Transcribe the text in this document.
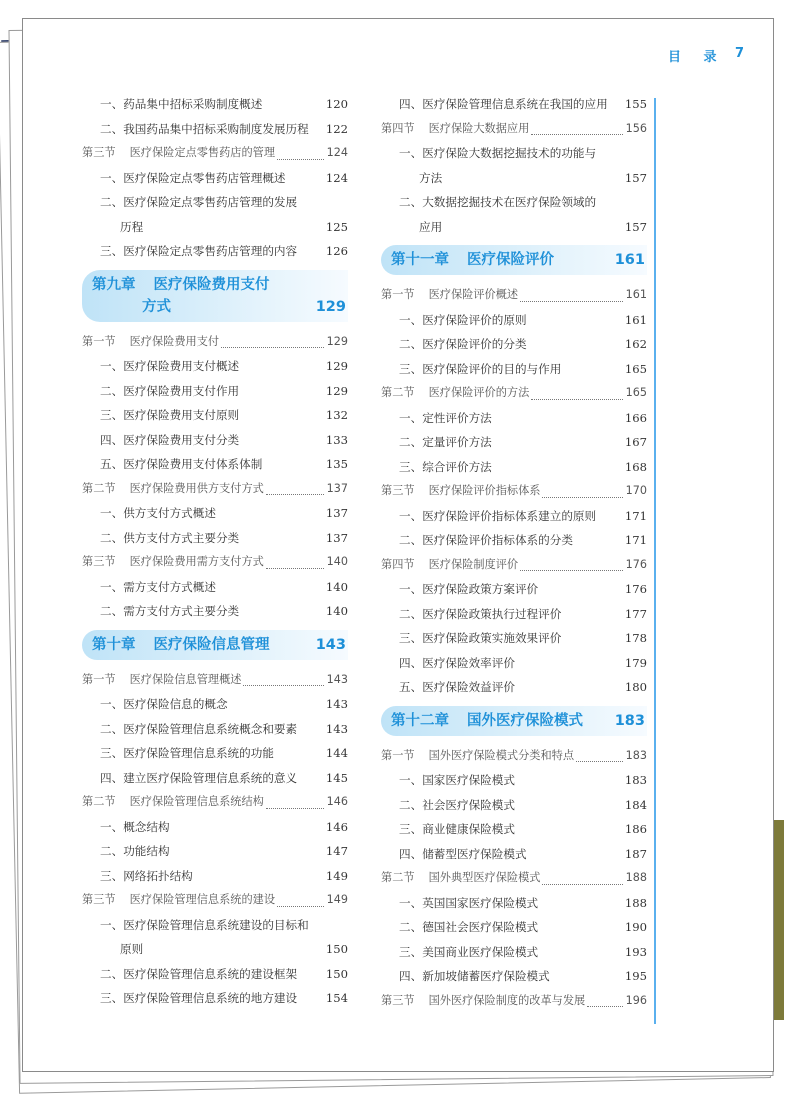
目 录 7
一、药品集中招标采购制度概述	120
二、我国药品集中招标采购制度发展历程 122
第三节 医疗保险定点零售药店的管理	124
一、医疗保险定点零售药店管理概述	124
二、医疗保险定点零售药店管理的发展
历程	125
三、医疗保险定点零售药店管理的内容 126
第九章 医疗保险费用支付
方式	129
第一节 医疗保险费用支付	129
一、医疗保险费用支付概述	129
二、医疗保险费用支付作用	129
三、医疗保险费用支付原则	132
四、医疗保险费用支付分类	133
五、医疗保险费用支付体系体制	135
第二节 医疗保险费用供方支付方式	137
一、供方支付方式概述	137
二、供方支付方式主要分类	137
第三节 医疗保险费用需方支付方式	140
一、需方支付方式概述	140
二、需方支付方式主要分类	140
第十章 医疗保险信息管理	143
第一节 医疗保险信息管理概述	143
一、医疗保险信息的概念	143
二、医疗保险管理信息系统概念和要素 143
三、医疗保险管理信息系统的功能	144
四、建立医疗保险管理信息系统的意义 145
第二节 医疗保险管理信息系统结构	146
一、概念结构	146
二、功能结构	147
三、网络拓扑结构	149
第三节 医疗保险管理信息系统的建设	149
一、医疗保险管理信息系统建设的目标和
原则	150
二、医疗保险管理信息系统的建设框架 150
三、医疗保险管理信息系统的地方建设 154
四、医疗保险管理信息系统在我国的应用 155
第四节 医疗保险大数据应用	156
一、医疗保险大数据挖掘技术的功能与
方法	157
二、大数据挖掘技术在医疗保险领域的
应用	157
第十一章 医疗保险评价	161
第一节 医疗保险评价概述	161
一、医疗保险评价的原则	161
二、医疗保险评价的分类	162
三、医疗保险评价的目的与作用	165
第二节 医疗保险评价的方法	165
一、定性评价方法	166
二、定量评价方法	167
三、综合评价方法	168
第三节 医疗保险评价指标体系	170
一、医疗保险评价指标体系建立的原则 171
二、医疗保险评价指标体系的分类	171
第四节 医疗保险制度评价	176
一、医疗保险政策方案评价	176
二、医疗保险政策执行过程评价	177
三、医疗保险政策实施效果评价	178
四、医疗保险效率评价	179
五、医疗保险效益评价	180
第十二章 国外医疗保险模式 183
第一节 国外医疗保险模式分类和特点	183
一、国家医疗保险模式	183
二、社会医疗保险模式	184
三、商业健康保险模式	186
四、储蓄型医疗保险模式	187
第二节 国外典型医疗保险模式	188
一、英国国家医疗保险模式	188
二、德国社会医疗保险模式	190
三、美国商业医疗保险模式	193
四、新加坡储蓄医疗保险模式	195
第三节 国外医疗保险制度的改革与发展	196
